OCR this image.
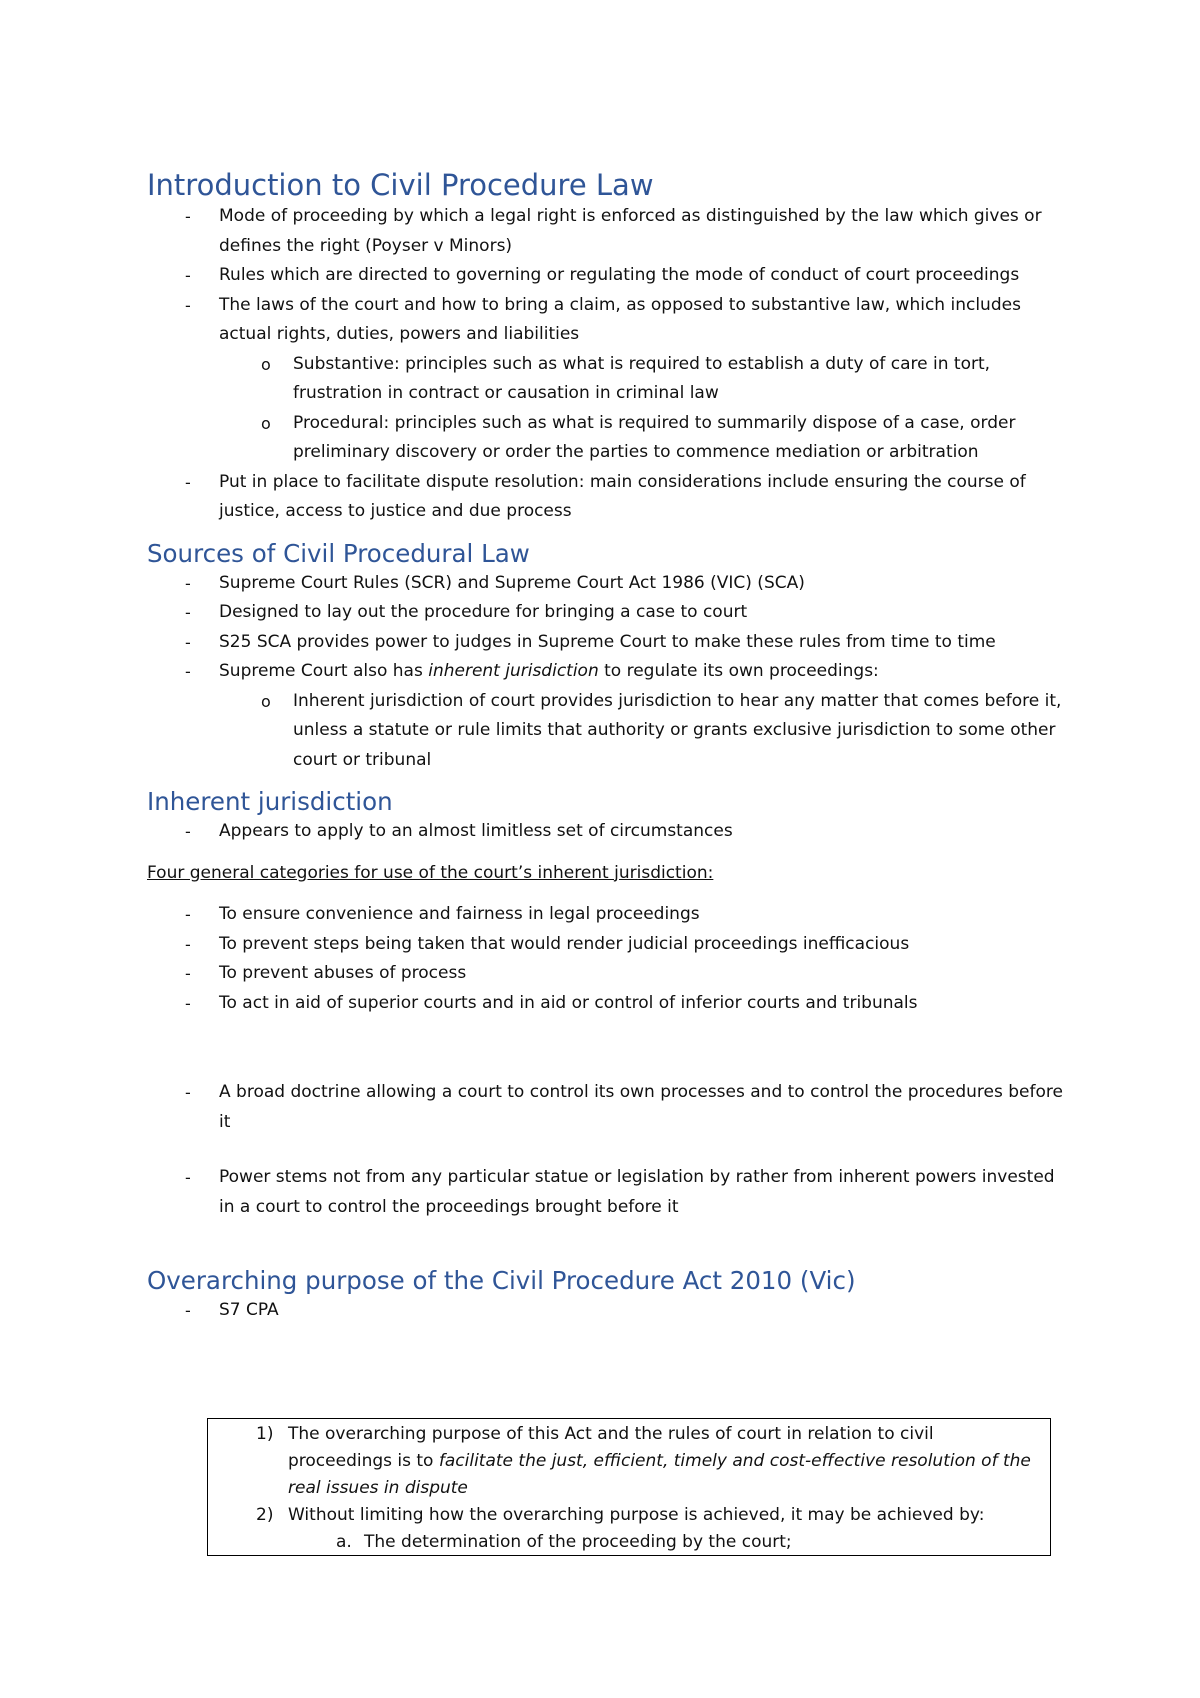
Introduction to Civil Procedure Law
- Mode of proceeding by which a legal right is enforced as distinguished by the law which gives or defines the right (Poyser v Minors)
- Rules which are directed to governing or regulating the mode of conduct of court proceedings
- The laws of the court and how to bring a claim, as opposed to substantive law, which includes actual rights, duties, powers and liabilities
o Substantive: principles such as what is required to establish a duty of care in tort, frustration in contract or causation in criminal law
o Procedural: principles such as what is required to summarily dispose of a case, order preliminary discovery or order the parties to commence mediation or arbitration
- Put in place to facilitate dispute resolution: main considerations include ensuring the course of justice, access to justice and due process
Sources of Civil Procedural Law
- Supreme Court Rules (SCR) and Supreme Court Act 1986 (VIC) (SCA)
- Designed to lay out the procedure for bringing a case to court
- S25 SCA provides power to judges in Supreme Court to make these rules from time to time
- Supreme Court also has inherent jurisdiction to regulate its own proceedings:
o Inherent jurisdiction of court provides jurisdiction to hear any matter that comes before it, unless a statute or rule limits that authority or grants exclusive jurisdiction to some other court or tribunal
Inherent jurisdiction
- Appears to apply to an almost limitless set of circumstances

Four general categories for use of the court’s inherent jurisdiction:

- To ensure convenience and fairness in legal proceedings
- To prevent steps being taken that would render judicial proceedings inefficacious
- To prevent abuses of process
- To act in aid of superior courts and in aid or control of inferior courts and tribunals
- A broad doctrine allowing a court to control its own processes and to control the procedures before it
- Power stems not from any particular statue or legislation by rather from inherent powers invested in a court to control the proceedings brought before it
Overarching purpose of the Civil Procedure Act 2010 (Vic)
- S7 CPA
1) The overarching purpose of this Act and the rules of court in relation to civil proceedings is to facilitate the just, efficient, timely and cost-effective resolution of the real issues in dispute
2) Without limiting how the overarching purpose is achieved, it may be achieved by:
a. The determination of the proceeding by the court;
